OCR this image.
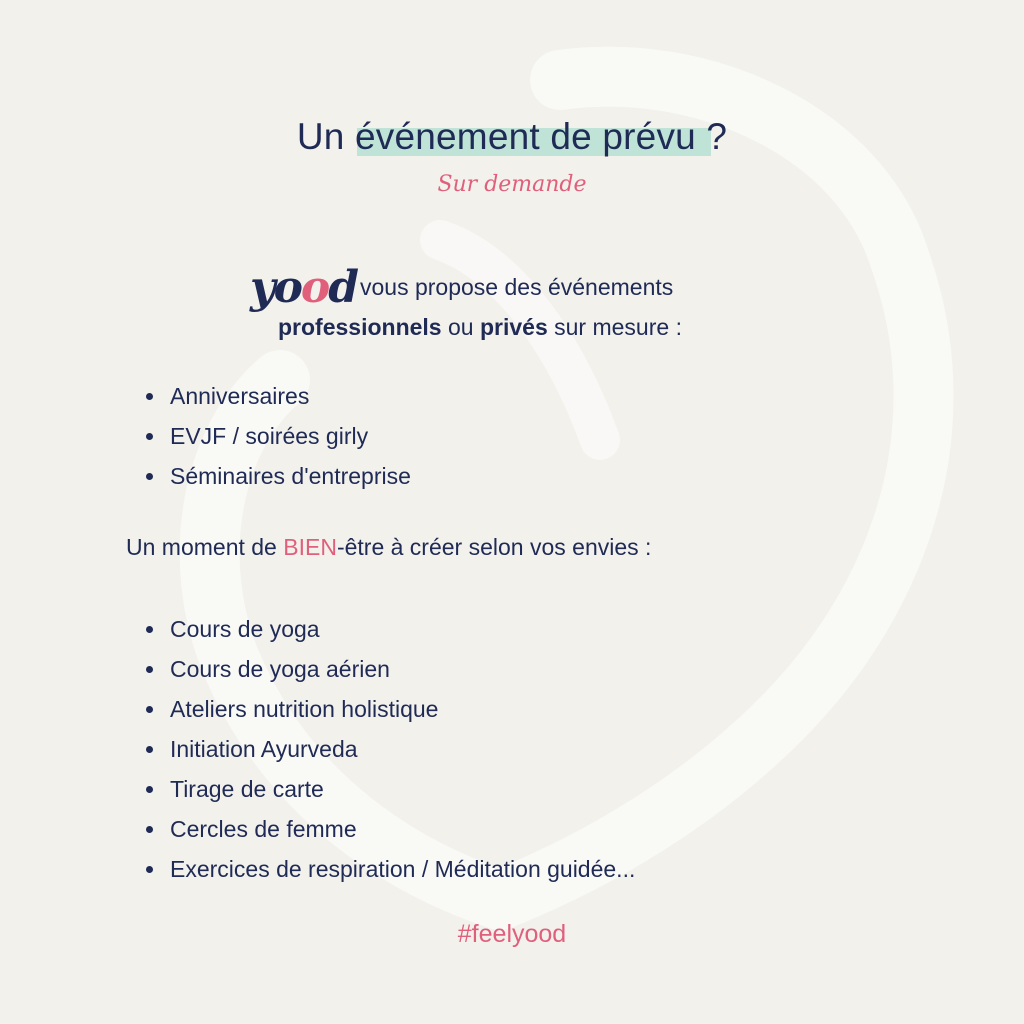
Un événement de prévu ?
Sur demande
yood vous propose des événements
professionnels ou privés sur mesure :
Anniversaires
EVJF / soirées girly
Séminaires d'entreprise
Un moment de BIEN-être à créer selon vos envies :
Cours de yoga
Cours de yoga aérien
Ateliers nutrition holistique
Initiation Ayurveda
Tirage de carte
Cercles de femme
Exercices de respiration / Méditation guidée...
#feelyood
